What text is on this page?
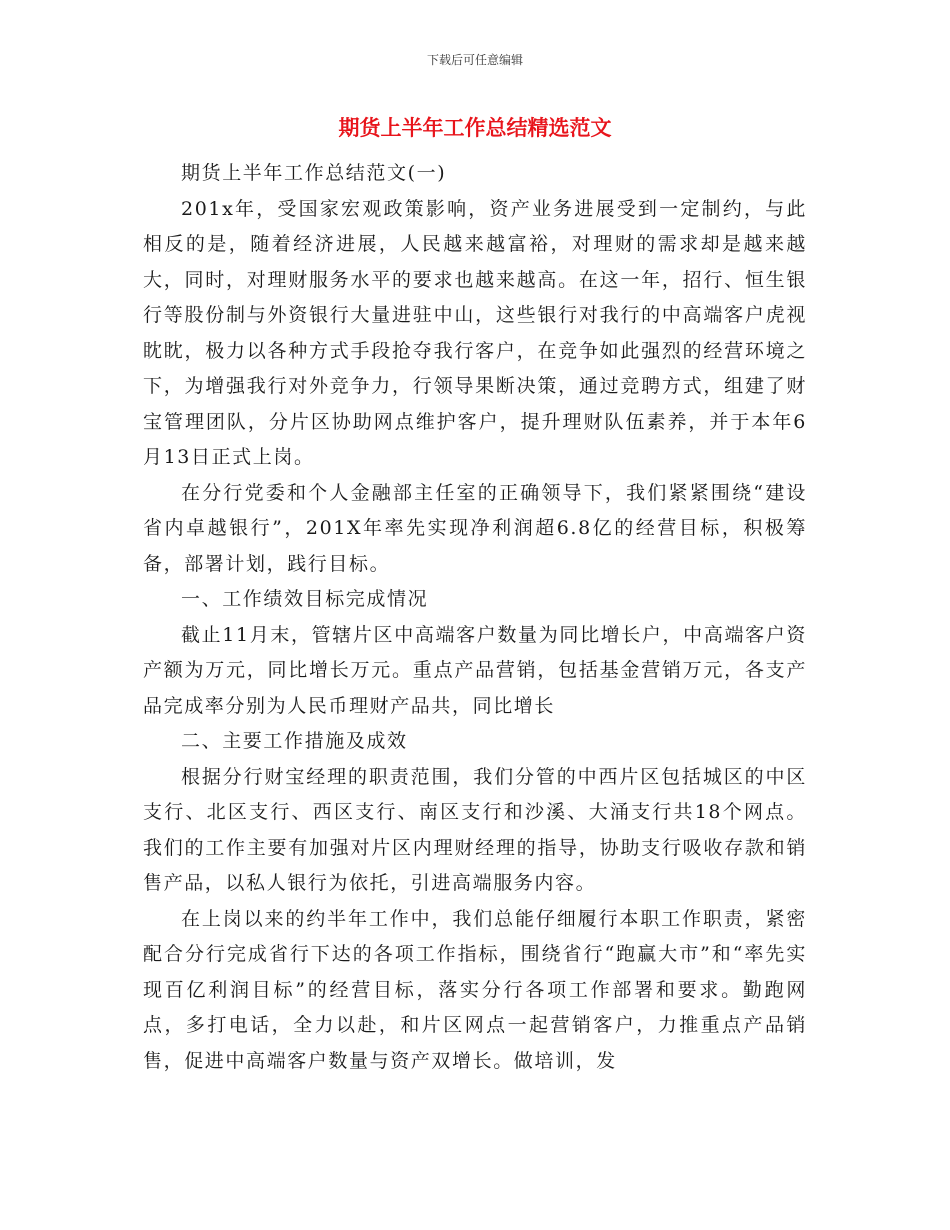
下载后可任意编辑
期货上半年工作总结精选范文

期货上半年工作总结范文(一)

201x年，受国家宏观政策影响，资产业务进展受到一定制约，与此相反的是，随着经济进展，人民越来越富裕，对理财的需求却是越来越大，同时，对理财服务水平的要求也越来越高。在这一年，招行、恒生银行等股份制与外资银行大量进驻中山，这些银行对我行的中高端客户虎视眈眈，极力以各种方式手段抢夺我行客户，在竞争如此强烈的经营环境之下，为增强我行对外竞争力，行领导果断决策，通过竞聘方式，组建了财宝管理团队，分片区协助网点维护客户，提升理财队伍素养，并于本年6月13日正式上岗。

在分行党委和个人金融部主任室的正确领导下，我们紧紧围绕“建设省内卓越银行”，201X年率先实现净利润超6.8亿的经营目标，积极筹备，部署计划，践行目标。

一、工作绩效目标完成情况

截止11月末，管辖片区中高端客户数量为同比增长户，中高端客户资产额为万元，同比增长万元。重点产品营销，包括基金营销万元，各支产品完成率分别为人民币理财产品共，同比增长

二、主要工作措施及成效

根据分行财宝经理的职责范围，我们分管的中西片区包括城区的中区支行、北区支行、西区支行、南区支行和沙溪、大涌支行共18个网点。我们的工作主要有加强对片区内理财经理的指导，协助支行吸收存款和销售产品，以私人银行为依托，引进高端服务内容。

在上岗以来的约半年工作中，我们总能仔细履行本职工作职责，紧密配合分行完成省行下达的各项工作指标，围绕省行“跑赢大市”和“率先实现百亿利润目标”的经营目标，落实分行各项工作部署和要求。勤跑网点，多打电话，全力以赴，和片区网点一起营销客户，力推重点产品销售，促进中高端客户数量与资产双增长。做培训，发
